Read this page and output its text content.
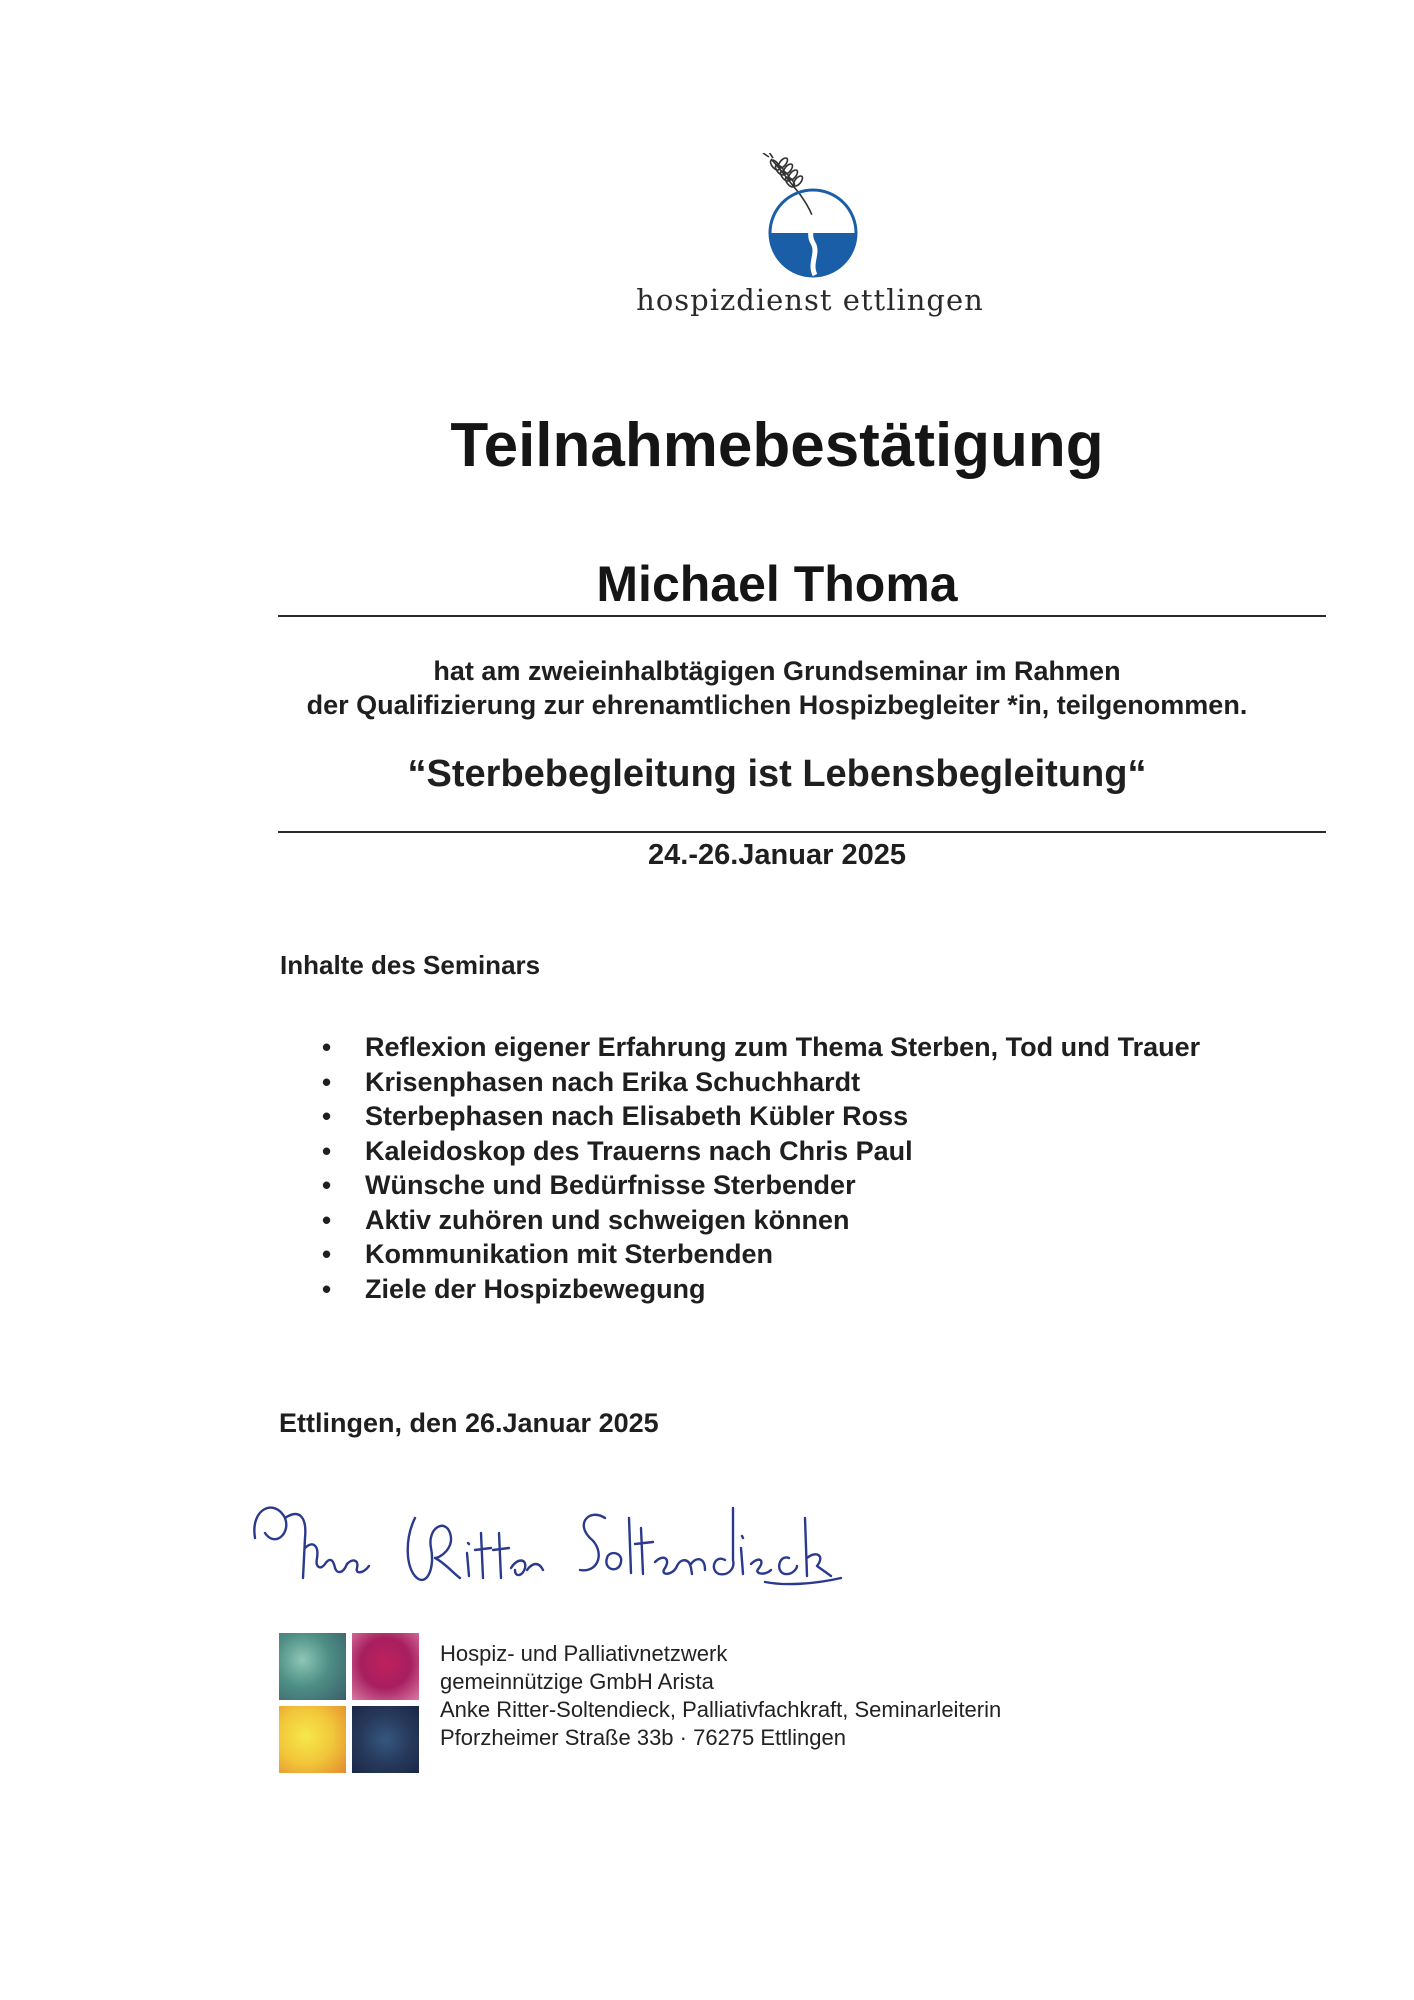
hospizdienst ettlingen
Teilnahmebestätigung
Michael Thoma
hat am zweieinhalbtägigen Grundseminar im Rahmen
der Qualifizierung zur ehrenamtlichen Hospizbegleiter *in, teilgenommen.
“Sterbebegleitung ist Lebensbegleitung“
24.-26.Januar 2025
Inhalte des Seminars
• Reflexion eigener Erfahrung zum Thema Sterben, Tod und Trauer
• Krisenphasen nach Erika Schuchhardt
• Sterbephasen nach Elisabeth Kübler Ross
• Kaleidoskop des Trauerns nach Chris Paul
• Wünsche und Bedürfnisse Sterbender
• Aktiv zuhören und schweigen können
• Kommunikation mit Sterbenden
• Ziele der Hospizbewegung
Ettlingen, den 26.Januar 2025
Hospiz- und Palliativnetzwerk
gemeinnützige GmbH Arista
Anke Ritter-Soltendieck, Palliativfachkraft, Seminarleiterin
Pforzheimer Straße 33b · 76275 Ettlingen
